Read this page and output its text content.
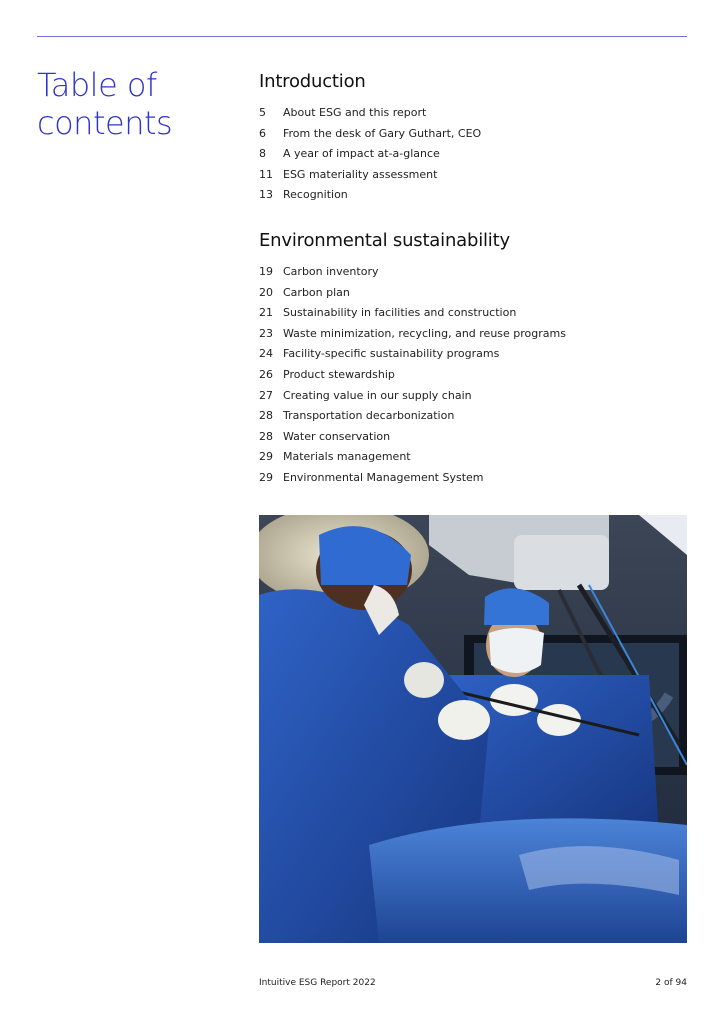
Table of
contents
Introduction
5	About ESG and this report
6	From the desk of Gary Guthart, CEO
8	A year of impact at-a-glance
11 ESG materiality assessment
13 Recognition
Environmental sustainability
19 Carbon inventory
20 Carbon plan
21 Sustainability in facilities and construction
23 Waste minimization, recycling, and reuse programs
24 Facility-specific sustainability programs
26 Product stewardship
27 Creating value in our supply chain
28 Transportation decarbonization
28 Water conservation
29 Materials management
29 Environmental Management System
Intuitive ESG Report 2022	2 of 94
